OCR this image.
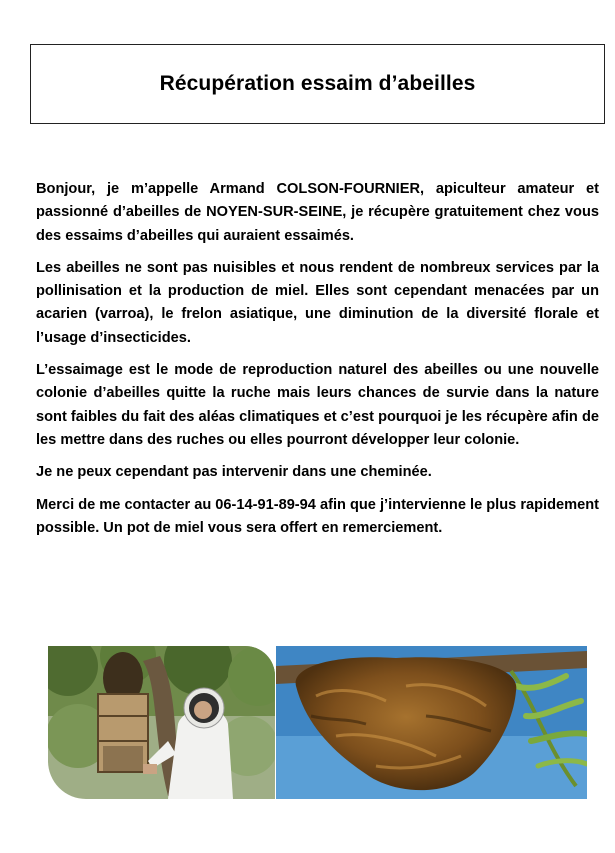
Récupération essaim d’abeilles

Bonjour, je m’appelle Armand COLSON-FOURNIER, apiculteur amateur et passionné d’abeilles de NOYEN-SUR-SEINE, je récupère gratuitement chez vous des essaims d’abeilles qui auraient essaimés.

Les abeilles ne sont pas nuisibles et nous rendent de nombreux services par la pollinisation et la production de miel. Elles sont cependant menacées par un acarien (varroa), le frelon asiatique, une diminution de la diversité florale et l’usage d’insecticides.

L’essaimage est le mode de reproduction naturel des abeilles ou une nouvelle colonie d’abeilles quitte la ruche mais leurs chances de survie dans la nature sont faibles du fait des aléas climatiques et c’est pourquoi je les récupère afin de les mettre dans des ruches ou elles pourront développer leur colonie.

Je ne peux cependant pas intervenir dans une cheminée.

Merci de me contacter au 06-14-91-89-94 afin que j’intervienne le plus rapidement possible. Un pot de miel vous sera offert en remerciement.
